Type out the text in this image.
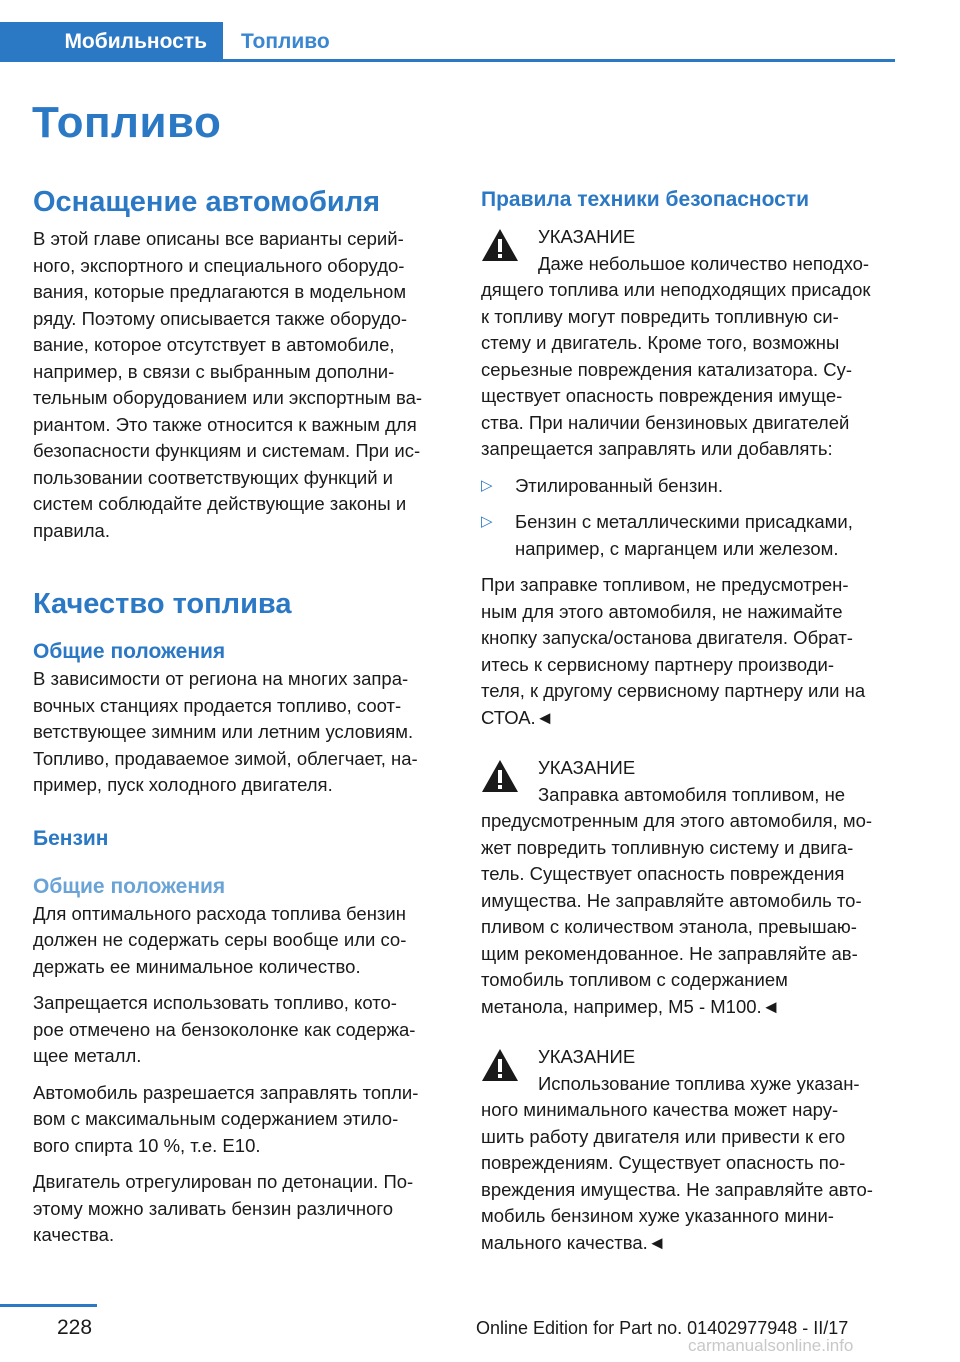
Мобильность	Топливо
Топливо
Оснащение автомобиля
В этой главе описаны все варианты серий-
ного, экспортного и специального оборудо-
вания, которые предлагаются в модельном
ряду. Поэтому описывается также оборудо-
вание, которое отсутствует в автомобиле,
например, в связи с выбранным дополни-
тельным оборудованием или экспортным ва-
риантом. Это также относится к важным для
безопасности функциям и системам. При ис-
пользовании соответствующих функций и
систем соблюдайте действующие законы и
правила.
Качество топлива
Общие положения
В зависимости от региона на многих запра-
вочных станциях продается топливо, соот-
ветствующее зимним или летним условиям.
Топливо, продаваемое зимой, облегчает, на-
пример, пуск холодного двигателя.
Бензин
Общие положения
Для оптимального расхода топлива бензин
должен не содержать серы вообще или со-
держать ее минимальное количество.
Запрещается использовать топливо, кото-
рое отмечено на бензоколонке как содержа-
щее металл.
Автомобиль разрешается заправлять топли-
вом с максимальным содержанием этило-
вого спирта 10 %, т.е. E10.
Двигатель отрегулирован по детонации. По-
этому можно заливать бензин различного
качества.
Правила техники безопасности
УКАЗАНИЕ
Даже небольшое количество неподхо-
дящего топлива или неподходящих присадок
к топливу могут повредить топливную си-
стему и двигатель. Кроме того, возможны
серьезные повреждения катализатора. Су-
ществует опасность повреждения имуще-
ства. При наличии бензиновых двигателей
запрещается заправлять или добавлять:
▷ Этилированный бензин.
▷ Бензин с металлическими присадками,
например, с марганцем или железом.
При заправке топливом, не предусмотрен-
ным для этого автомобиля, не нажимайте
кнопку запуска/останова двигателя. Обрат-
итесь к сервисному партнеру производи-
теля, к другому сервисному партнеру или на
СТОА.◄
УКАЗАНИЕ
Заправка автомобиля топливом, не
предусмотренным для этого автомобиля, мо-
жет повредить топливную систему и двига-
тель. Существует опасность повреждения
имущества. Не заправляйте автомобиль то-
пливом с количеством этанола, превышаю-
щим рекомендованное. Не заправляйте ав-
томобиль топливом с содержанием
метанола, например, M5 - M100.◄
УКАЗАНИЕ
Использование топлива хуже указан-
ного минимального качества может нару-
шить работу двигателя или привести к его
повреждениям. Существует опасность по-
вреждения имущества. Не заправляйте авто-
мобиль бензином хуже указанного мини-
мального качества.◄
228	Online Edition for Part no. 01402977948 - II/17
carmanualsonline.info
